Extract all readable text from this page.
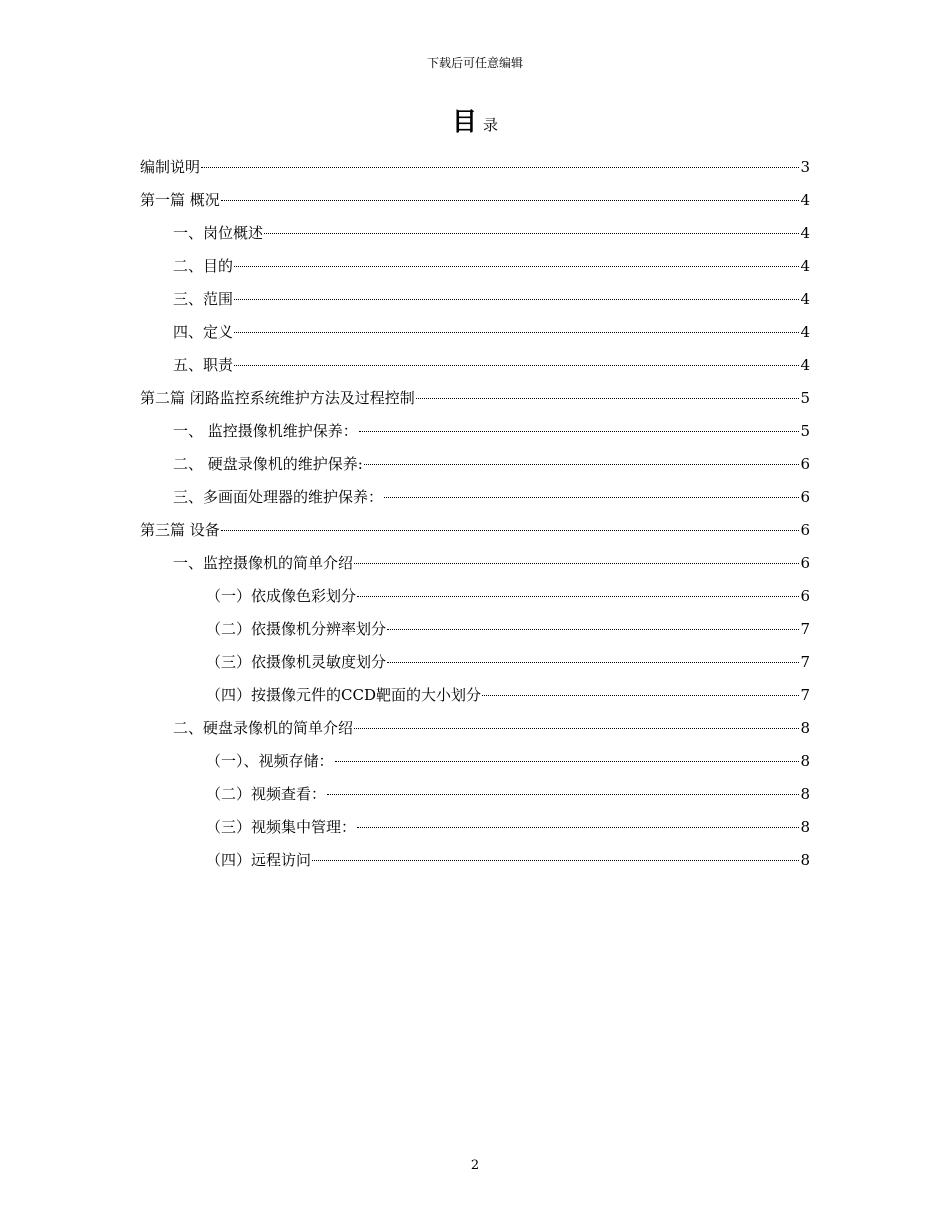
下载后可任意编辑
目录
编制说明	3
第一篇 概况	4
一、岗位概述	4
二、目的	4
三、范围	4
四、定义	4
五、职责	4
第二篇 闭路监控系统维护方法及过程控制	5
一、 监控摄像机维护保养：	5
二、 硬盘录像机的维护保养:	6
三、多画面处理器的维护保养：	6
第三篇 设备	6
一、监控摄像机的简单介绍	6
（一）依成像色彩划分	6
（二）依摄像机分辨率划分	7
（三）依摄像机灵敏度划分	7
（四）按摄像元件的CCD靶面的大小划分	7
二、硬盘录像机的简单介绍	8
（一）、视频存储：	8
（二）视频查看：	8
（三）视频集中管理：	8
（四）远程访问	8
2
